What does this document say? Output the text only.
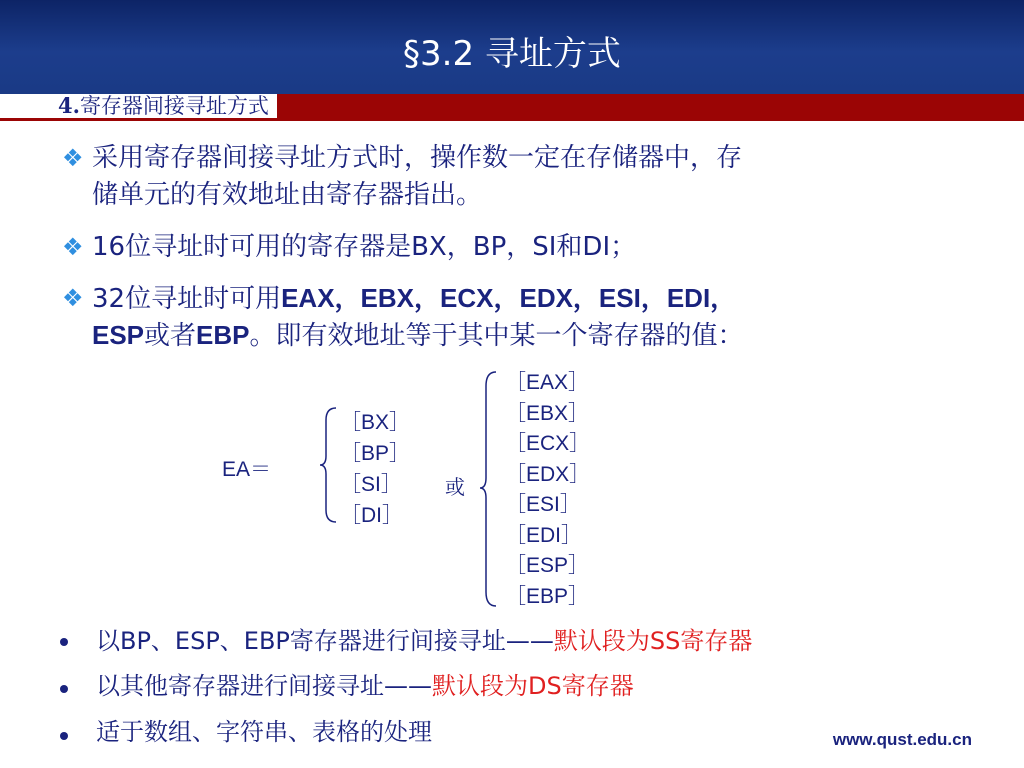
§3.2 寻址方式
4.寄存器间接寻址方式
❖ 采用寄存器间接寻址方式时，操作数一定在存储器中，存
储单元的有效地址由寄存器指出。
❖ 16位寻址时可用的寄存器是BX，BP，SI和DI；
❖ 32位寻址时可用EAX，EBX，ECX，EDX，ESI，EDI，
ESP或者EBP。即有效地址等于其中某一个寄存器的值：
EA＝
［BX］
［BP］
［SI］
［DI］
或
［EAX］
［EBX］
［ECX］
［EDX］
［ESI］
［EDI］
［ESP］
［EBP］
以BP、ESP、EBP寄存器进行间接寻址——默认段为SS寄存器
以其他寄存器进行间接寻址——默认段为DS寄存器
适于数组、字符串、表格的处理	www.qust.edu.cn
